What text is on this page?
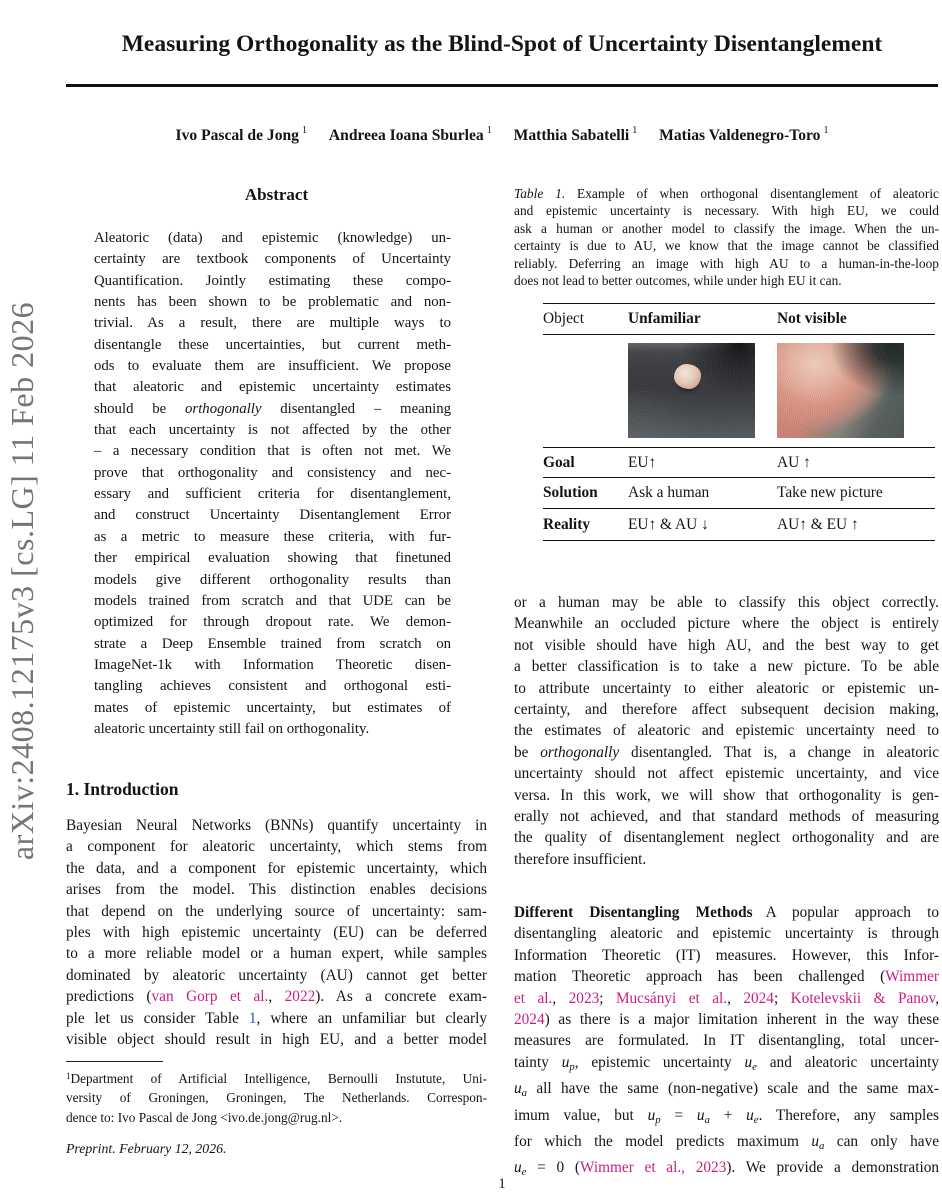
arXiv:2408.12175v3 [cs.LG] 11 Feb 2026
Measuring Orthogonality as the Blind-Spot of Uncertainty Disentanglement
Ivo Pascal de Jong $^1$ Andreea Ioana Sburlea $^1$ Matthia Sabatelli $^1$ Matias Valdenegro-Toro $^1$
Abstract
Aleatoric (data) and epistemic (knowledge) un-
certainty are textbook components of Uncertainty
Quantification. Jointly estimating these compo-
nents has been shown to be problematic and non-
trivial. As a result, there are multiple ways to
disentangle these uncertainties, but current meth-
ods to evaluate them are insufficient. We propose
that aleatoric and epistemic uncertainty estimates
should be orthogonally disentangled – meaning
that each uncertainty is not affected by the other
– a necessary condition that is often not met. We
prove that orthogonality and consistency and nec-
essary and sufficient criteria for disentanglement,
and construct Uncertainty Disentanglement Error
as a metric to measure these criteria, with fur-
ther empirical evaluation showing that finetuned
models give different orthogonality results than
models trained from scratch and that UDE can be
optimized for through dropout rate. We demon-
strate a Deep Ensemble trained from scratch on
ImageNet-1k with Information Theoretic disen-
tangling achieves consistent and orthogonal esti-
mates of epistemic uncertainty, but estimates of
aleatoric uncertainty still fail on orthogonality.
1. Introduction
Bayesian Neural Networks (BNNs) quantify uncertainty in
a component for aleatoric uncertainty, which stems from
the data, and a component for epistemic uncertainty, which
arises from the model. This distinction enables decisions
that depend on the underlying source of uncertainty: sam-
ples with high epistemic uncertainty (EU) can be deferred
to a more reliable model or a human expert, while samples
dominated by aleatoric uncertainty (AU) cannot get better
predictions (van Gorp et al., 2022). As a concrete exam-
ple let us consider Table 1, where an unfamiliar but clearly
visible object should result in high EU, and a better model
$^1$Department of Artificial Intelligence, Bernoulli Instutute, Uni-
versity of Groningen, Groningen, The Netherlands. Correspon-
dence to: Ivo Pascal de Jong <ivo.de.jong@rug.nl>.
Preprint. February 12, 2026.
1
Table 1. Example of when orthogonal disentanglement of aleatoric
and epistemic uncertainty is necessary. With high EU, we could
ask a human or another model to classify the image. When the un-
certainty is due to AU, we know that the image cannot be classified
reliably. Deferring an image with high AU to a human-in-the-loop
does not lead to better outcomes, while under high EU it can.
Object	Unfamiliar	Not visible
Goal	EU↑	AU ↑
Solution	Ask a human	Take new picture
Reality	EU↑ & AU ↓	AU↑ & EU ↑
or a human may be able to classify this object correctly.
Meanwhile an occluded picture where the object is entirely
not visible should have high AU, and the best way to get
a better classification is to take a new picture. To be able
to attribute uncertainty to either aleatoric or epistemic un-
certainty, and therefore affect subsequent decision making,
the estimates of aleatoric and epistemic uncertainty need to
be orthogonally disentangled. That is, a change in aleatoric
uncertainty should not affect epistemic uncertainty, and vice
versa. In this work, we will show that orthogonality is gen-
erally not achieved, and that standard methods of measuring
the quality of disentanglement neglect orthogonality and are
therefore insufficient.
Different Disentangling Methods A popular approach to
disentangling aleatoric and epistemic uncertainty is through
Information Theoretic (IT) measures. However, this Infor-
mation Theoretic approach has been challenged (Wimmer
et al., 2023; Mucsányi et al., 2024; Kotelevskii & Panov,
2024) as there is a major limitation inherent in the way these
measures are formulated. In IT disentangling, total uncer-
tainty up, epistemic uncertainty ue and aleatoric uncertainty
ua all have the same (non-negative) scale and the same max-
imum value, but up = ua + ue. Therefore, any samples
for which the model predicts maximum ua can only have
ue = 0 (Wimmer et al., 2023). We provide a demonstration
